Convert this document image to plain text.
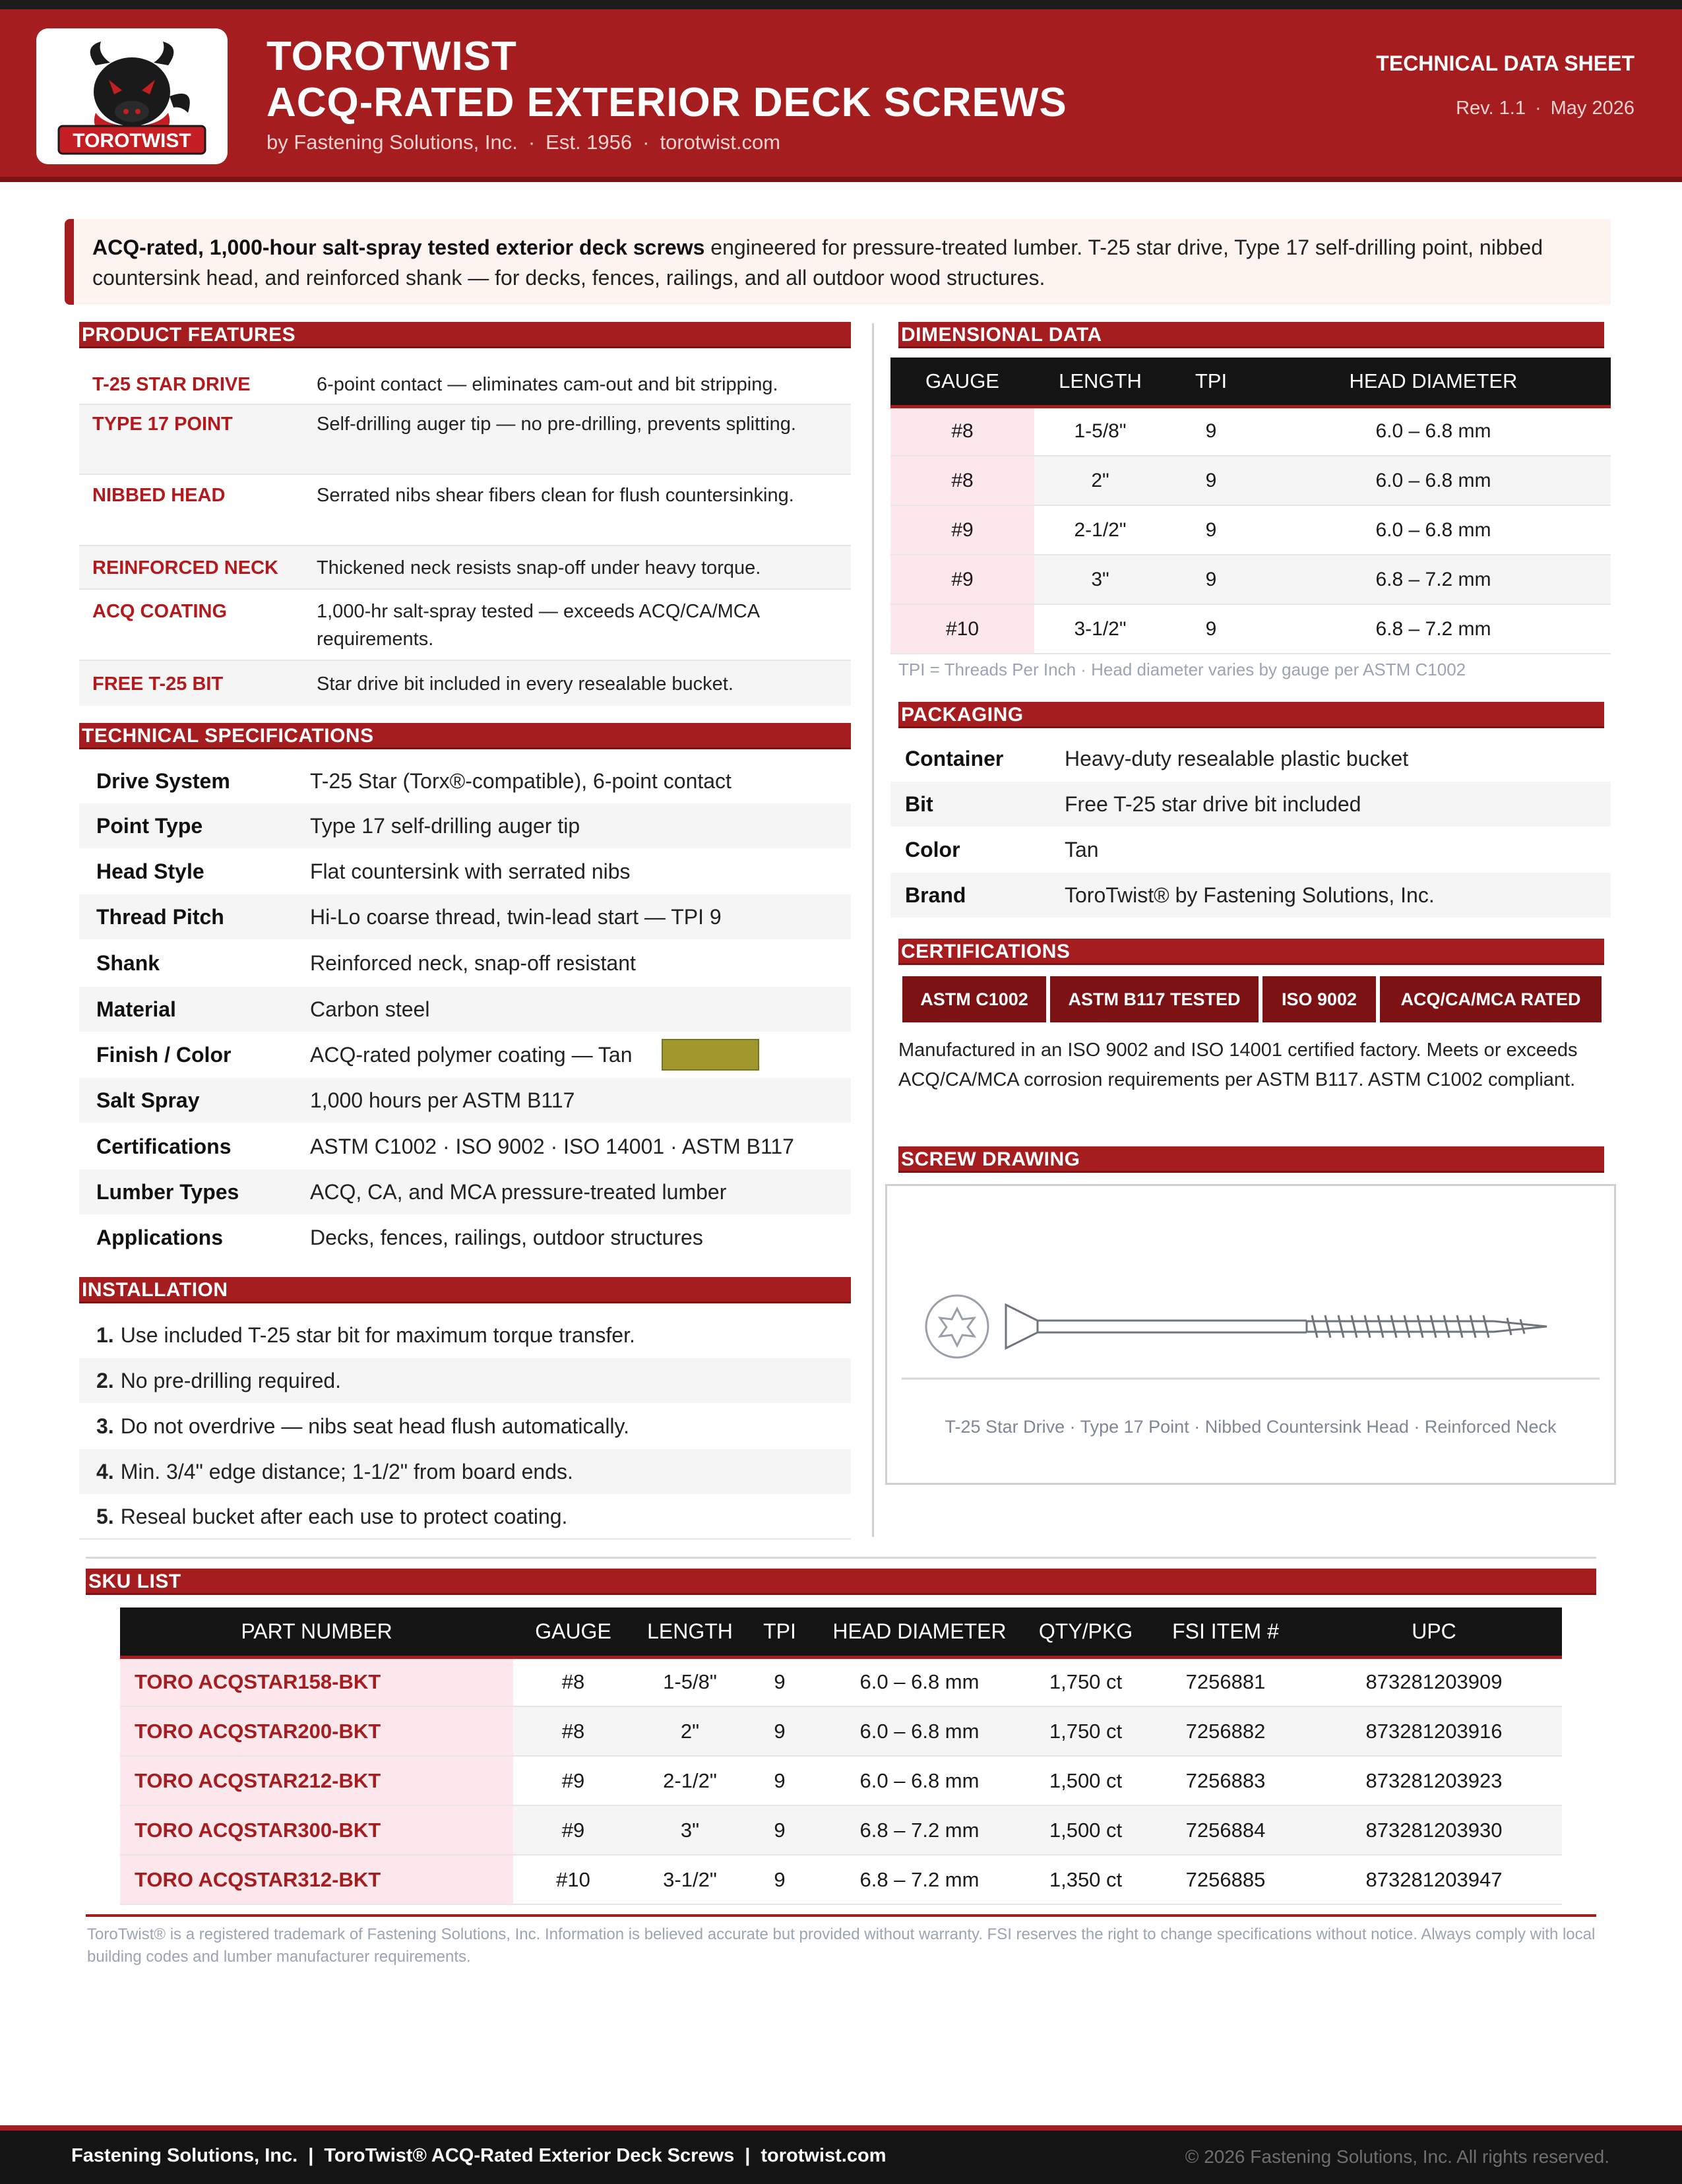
TOROTWIST
TOROTWIST
ACQ-RATED EXTERIOR DECK SCREWS
by Fastening Solutions, Inc. · Est. 1956 · torotwist.com
TECHNICAL DATA SHEET
Rev. 1.1 · May 2026
ACQ-rated, 1,000-hour salt-spray tested exterior deck screws engineered for pressure-treated lumber. T-25 star drive, Type 17 self-drilling point, nibbed countersink head, and reinforced shank — for decks, fences, railings, and all outdoor wood structures.
PRODUCT FEATURES
T-25 STAR DRIVE	6-point contact — eliminates cam-out and bit stripping.
TYPE 17 POINT	Self-drilling auger tip — no pre-drilling, prevents splitting.
NIBBED HEAD	Serrated nibs shear fibers clean for flush countersinking.
REINFORCED NECK	Thickened neck resists snap-off under heavy torque.
ACQ COATING	1,000-hr salt-spray tested — exceeds ACQ/CA/MCA requirements.
FREE T-25 BIT	Star drive bit included in every resealable bucket.
TECHNICAL SPECIFICATIONS
Drive System	T-25 Star (Torx®-compatible), 6-point contact
Point Type	Type 17 self-drilling auger tip
Head Style	Flat countersink with serrated nibs
Thread Pitch	Hi-Lo coarse thread, twin-lead start — TPI 9
Shank	Reinforced neck, snap-off resistant
Material	Carbon steel
Finish / Color	ACQ-rated polymer coating — Tan
Salt Spray	1,000 hours per ASTM B117
Certifications	ASTM C1002 · ISO 9002 · ISO 14001 · ASTM B117
Lumber Types	ACQ, CA, and MCA pressure-treated lumber
Applications	Decks, fences, railings, outdoor structures
INSTALLATION
1. Use included T-25 star bit for maximum torque transfer.
2. No pre-drilling required.
3. Do not overdrive — nibs seat head flush automatically.
4. Min. 3/4" edge distance; 1-1/2" from board ends.
5. Reseal bucket after each use to protect coating.
DIMENSIONAL DATA
GAUGE	LENGTH	TPI	HEAD DIAMETER
#8	1-5/8"	9	6.0 – 6.8 mm
#8	2"	9	6.0 – 6.8 mm
#9	2-1/2"	9	6.0 – 6.8 mm
#9	3"	9	6.8 – 7.2 mm
#10	3-1/2"	9	6.8 – 7.2 mm
TPI = Threads Per Inch · Head diameter varies by gauge per ASTM C1002
PACKAGING
Container	Heavy-duty resealable plastic bucket
Bit	Free T-25 star drive bit included
Color	Tan
Brand	ToroTwist® by Fastening Solutions, Inc.
CERTIFICATIONS
ASTM C1002	ASTM B117 TESTED	ISO 9002	ACQ/CA/MCA RATED
Manufactured in an ISO 9002 and ISO 14001 certified factory. Meets or exceeds ACQ/CA/MCA corrosion requirements per ASTM B117. ASTM C1002 compliant.
SCREW DRAWING
T-25 Star Drive · Type 17 Point · Nibbed Countersink Head · Reinforced Neck
SKU LIST
PART NUMBER	GAUGE	LENGTH	TPI	HEAD DIAMETER	QTY/PKG	FSI ITEM #	UPC
TORO ACQSTAR158-BKT	#8	1-5/8"	9	6.0 – 6.8 mm	1,750 ct	7256881	873281203909
TORO ACQSTAR200-BKT	#8	2"	9	6.0 – 6.8 mm	1,750 ct	7256882	873281203916
TORO ACQSTAR212-BKT	#9	2-1/2"	9	6.0 – 6.8 mm	1,500 ct	7256883	873281203923
TORO ACQSTAR300-BKT	#9	3"	9	6.8 – 7.2 mm	1,500 ct	7256884	873281203930
TORO ACQSTAR312-BKT	#10	3-1/2"	9	6.8 – 7.2 mm	1,350 ct	7256885	873281203947
ToroTwist® is a registered trademark of Fastening Solutions, Inc. Information is believed accurate but provided without warranty. FSI reserves the right to change specifications without notice. Always comply with local building codes and lumber manufacturer requirements.
Fastening Solutions, Inc. | ToroTwist® ACQ-Rated Exterior Deck Screws | torotwist.com	© 2026 Fastening Solutions, Inc. All rights reserved.
